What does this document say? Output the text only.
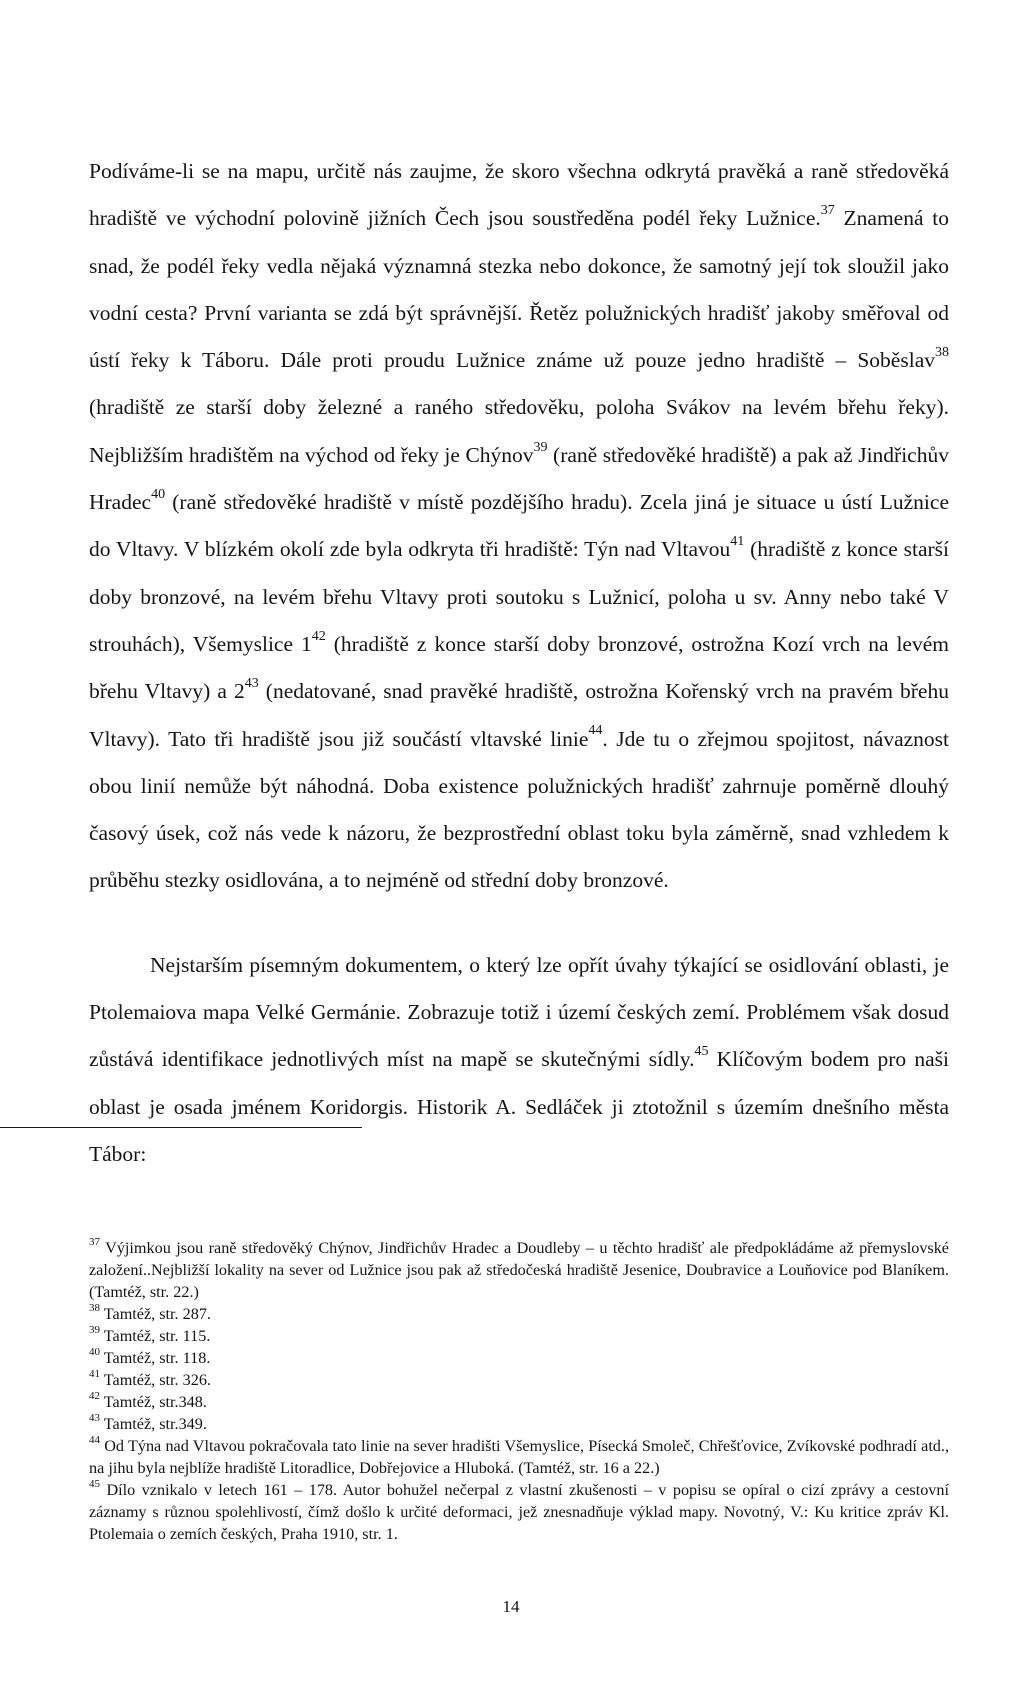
Podíváme-li se na mapu, určitě nás zaujme, že skoro všechna odkrytá pravěká a raně středověká hradiště ve východní polovině jižních Čech jsou soustředěna podél řeky Lužnice.$^{37}$ Znamená to snad, že podél řeky vedla nějaká významná stezka nebo dokonce, že samotný její tok sloužil jako vodní cesta? První varianta se zdá být správnější. Řetěz polužnických hradišť jakoby směřoval od ústí řeky k Táboru. Dále proti proudu Lužnice známe už pouze jedno hradiště – Soběslav$^{38}$ (hradiště ze starší doby železné a raného středověku, poloha Svákov na levém břehu řeky). Nejbližším hradištěm na východ od řeky je Chýnov$^{39}$ (raně středověké hradiště) a pak až Jindřichův Hradec$^{40}$ (raně středověké hradiště v místě pozdějšího hradu). Zcela jiná je situace u ústí Lužnice do Vltavy. V blízkém okolí zde byla odkryta tři hradiště: Týn nad Vltavou$^{41}$ (hradiště z konce starší doby bronzové, na levém břehu Vltavy proti soutoku s Lužnicí, poloha u sv. Anny nebo také V strouhách), Všemyslice $1^{42}$ (hradiště z konce starší doby bronzové, ostrožna Kozí vrch na levém břehu Vltavy) a $2^{43}$ (nedatované, snad pravěké hradiště, ostrožna Kořenský vrch na pravém břehu Vltavy). Tato tři hradiště jsou již součástí vltavské linie$^{44}$. Jde tu o zřejmou spojitost, návaznost obou linií nemůže být náhodná. Doba existence polužnických hradišť zahrnuje poměrně dlouhý časový úsek, což nás vede k názoru, že bezprostřední oblast toku byla záměrně, snad vzhledem k průběhu stezky osidlována, a to nejméně od střední doby bronzové.

Nejstarším písemným dokumentem, o který lze opřít úvahy týkající se osidlování oblasti, je Ptolemaiova mapa Velké Germánie. Zobrazuje totiž i území českých zemí. Problémem však dosud zůstává identifikace jednotlivých míst na mapě se skutečnými sídly.$^{45}$ Klíčovým bodem pro naši oblast je osada jménem Koridorgis. Historik A. Sedláček ji ztotožnil s územím dnešního města Tábor:

$^{37}$ Výjimkou jsou raně středověký Chýnov, Jindřichův Hradec a Doudleby – u těchto hradišť ale předpokládáme až přemyslovské založení..Nejbližší lokality na sever od Lužnice jsou pak až středočeská hradiště Jesenice, Doubravice a Louňovice pod Blaníkem. (Tamtéž, str. 22.)
$^{38}$ Tamtéž, str. 287.
$^{39}$ Tamtéž, str. 115.
$^{40}$ Tamtéž, str. 118.
$^{41}$ Tamtéž, str. 326.
$^{42}$ Tamtéž, str.348.
$^{43}$ Tamtéž, str.349.
$^{44}$ Od Týna nad Vltavou pokračovala tato linie na sever hradišti Všemyslice, Písecká Smoleč, Chřešťovice, Zvíkovské podhradí atd., na jihu byla nejblíže hradiště Litoradlice, Dobřejovice a Hluboká. (Tamtéž, str. 16 a 22.)
$^{45}$ Dílo vznikalo v letech 161 – 178. Autor bohužel nečerpal z vlastní zkušenosti – v popisu se opíral o cizí zprávy a cestovní záznamy s různou spolehlivostí, čímž došlo k určité deformaci, jež znesnadňuje výklad mapy. Novotný, V.: Ku kritice zpráv Kl. Ptolemaia o zemích českých, Praha 1910, str. 1.
14
